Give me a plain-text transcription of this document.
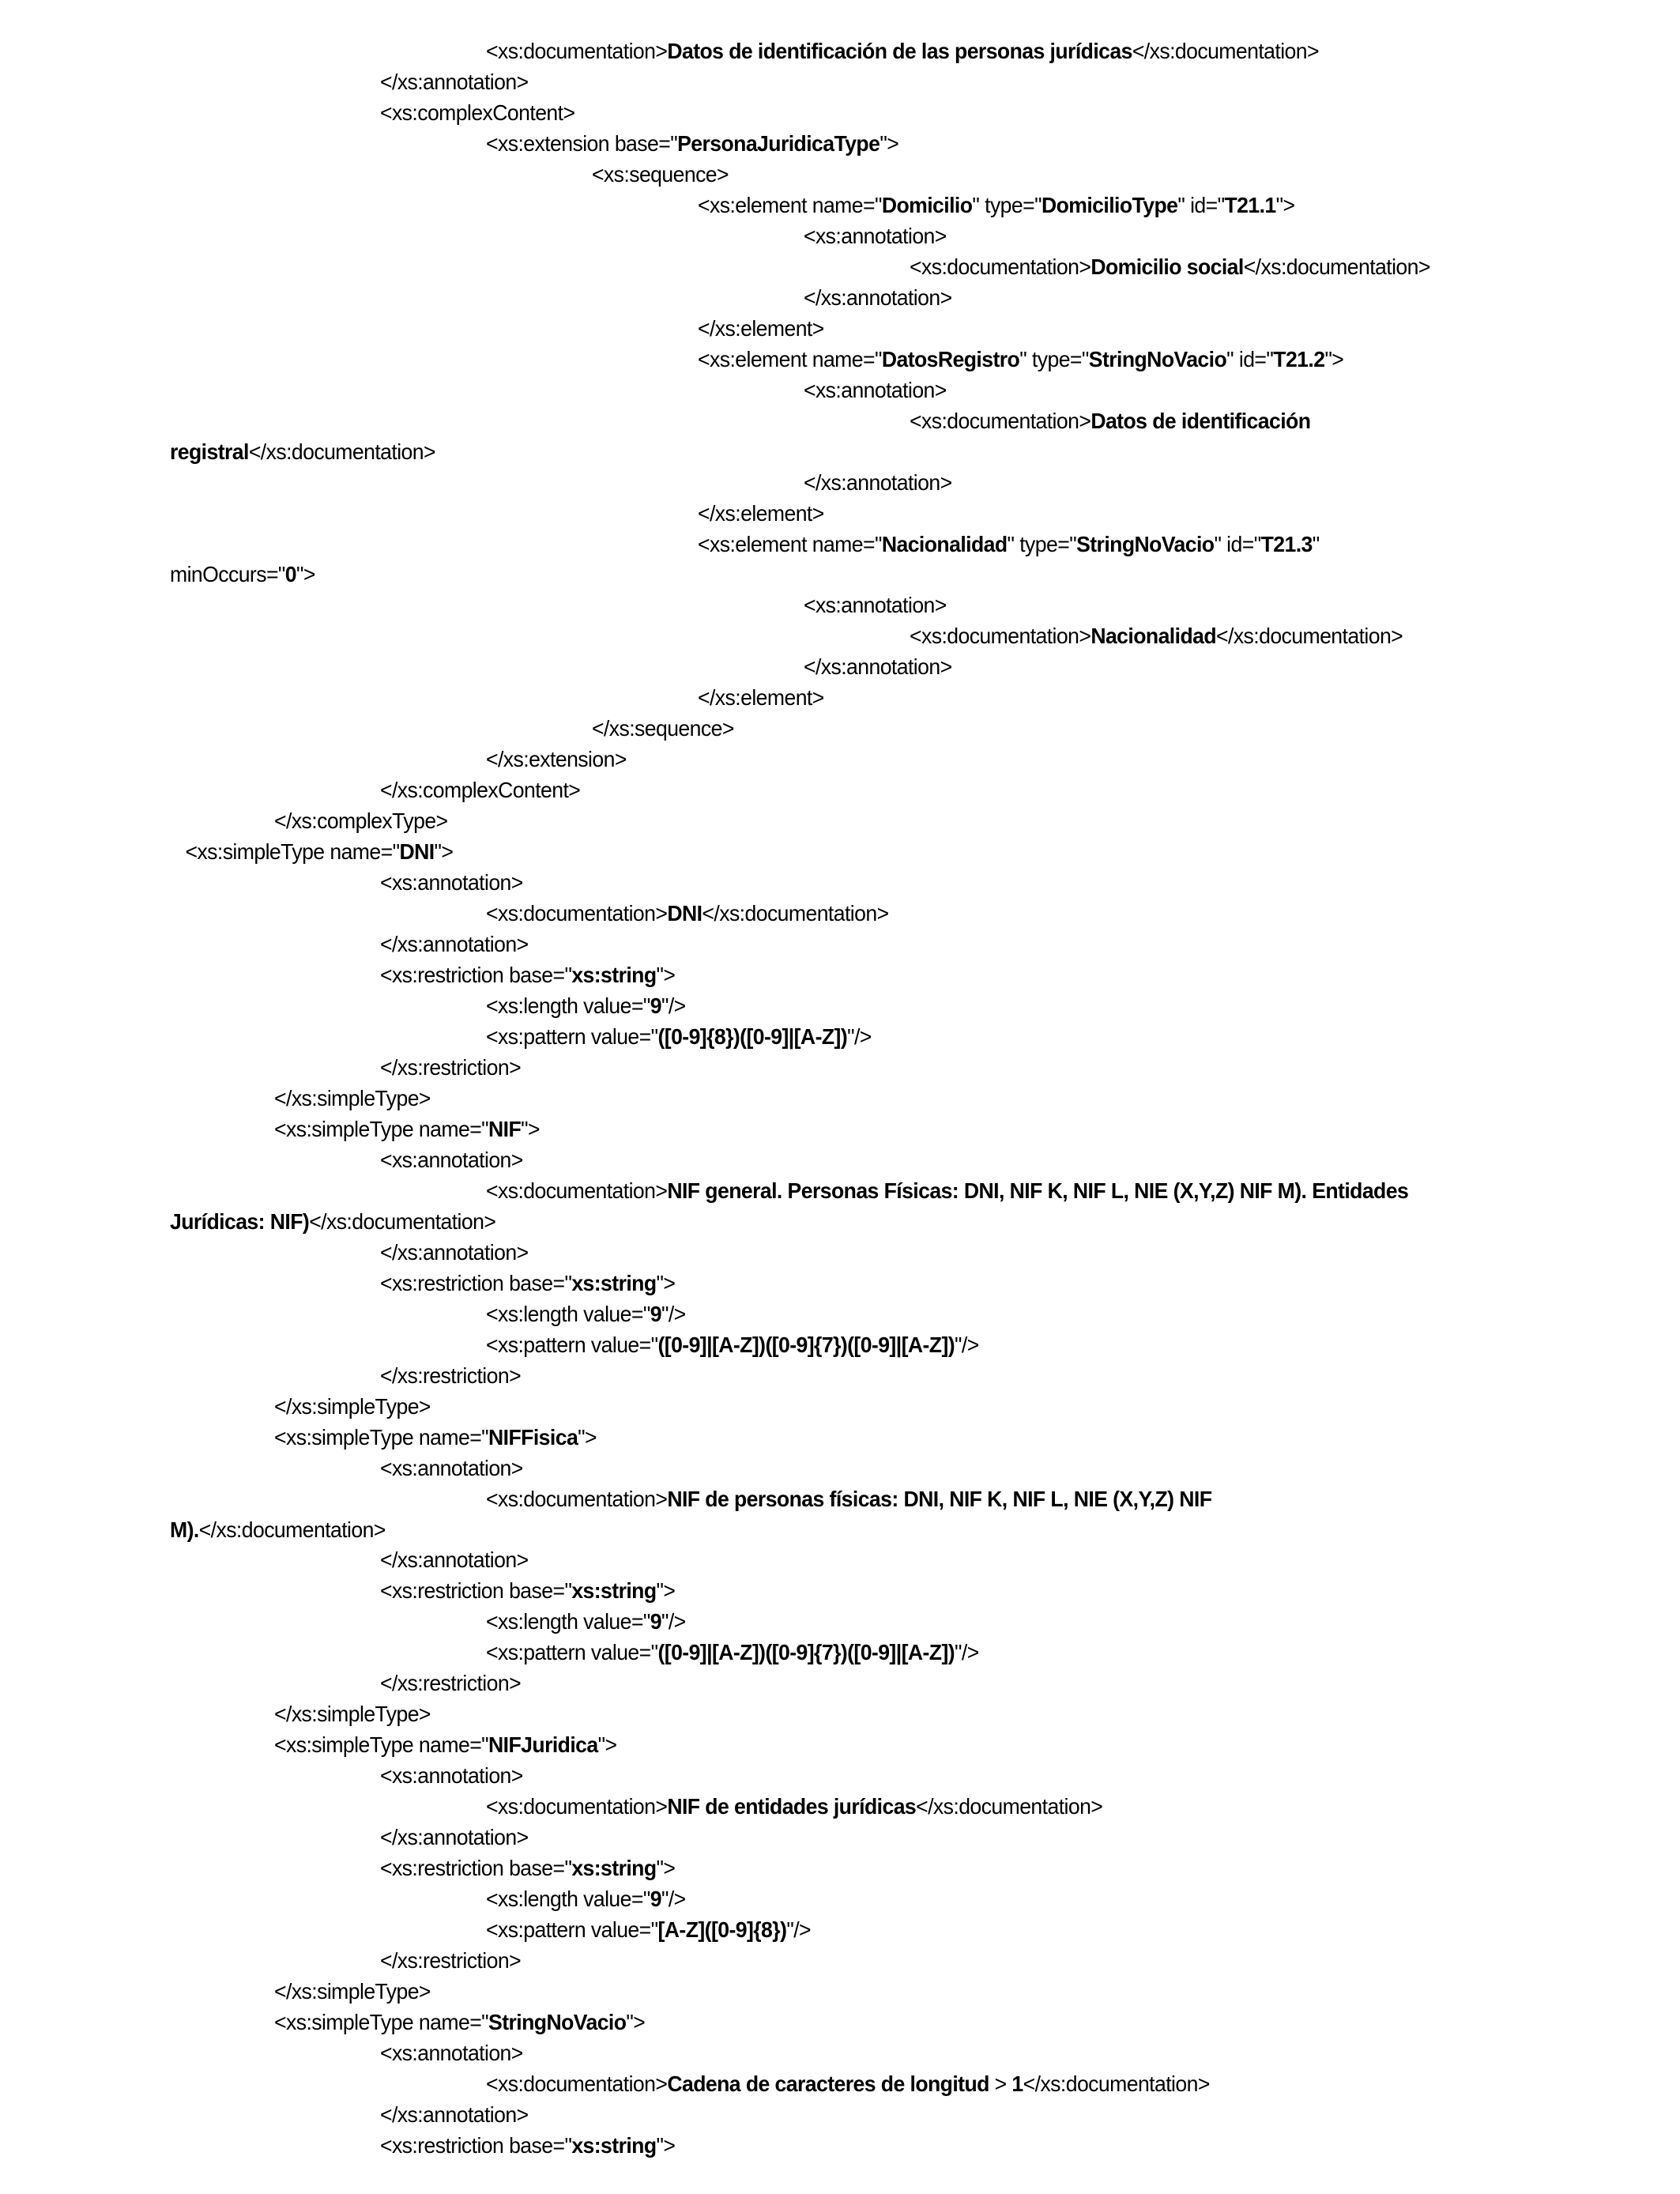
<xs:documentation>Datos de identificación de las personas jurídicas</xs:documentation>
</xs:annotation>
<xs:complexContent>
<xs:extension base="PersonaJuridicaType">
<xs:sequence>
<xs:element name="Domicilio" type="DomicilioType" id="T21.1">
<xs:annotation>
<xs:documentation>Domicilio social</xs:documentation>
</xs:annotation>
</xs:element>
<xs:element name="DatosRegistro" type="StringNoVacio" id="T21.2">
<xs:annotation>
<xs:documentation>Datos de identificación
registral</xs:documentation>
</xs:annotation>
</xs:element>
<xs:element name="Nacionalidad" type="StringNoVacio" id="T21.3"
minOccurs="0">
<xs:annotation>
<xs:documentation>Nacionalidad</xs:documentation>
</xs:annotation>
</xs:element>
</xs:sequence>
</xs:extension>
</xs:complexContent>
</xs:complexType>
<xs:simpleType name="DNI">
<xs:annotation>
<xs:documentation>DNI</xs:documentation>
</xs:annotation>
<xs:restriction base="xs:string">
<xs:length value="9"/>
<xs:pattern value="([0-9]{8})([0-9]|[A-Z])"/>
</xs:restriction>
</xs:simpleType>
<xs:simpleType name="NIF">
<xs:annotation>
<xs:documentation>NIF general. Personas Físicas: DNI, NIF K, NIF L, NIE (X,Y,Z) NIF M). Entidades
Jurídicas: NIF)</xs:documentation>
</xs:annotation>
<xs:restriction base="xs:string">
<xs:length value="9"/>
<xs:pattern value="([0-9]|[A-Z])([0-9]{7})([0-9]|[A-Z])"/>
</xs:restriction>
</xs:simpleType>
<xs:simpleType name="NIFFisica">
<xs:annotation>
<xs:documentation>NIF de personas físicas: DNI, NIF K, NIF L, NIE (X,Y,Z) NIF
M).</xs:documentation>
</xs:annotation>
<xs:restriction base="xs:string">
<xs:length value="9"/>
<xs:pattern value="([0-9]|[A-Z])([0-9]{7})([0-9]|[A-Z])"/>
</xs:restriction>
</xs:simpleType>
<xs:simpleType name="NIFJuridica">
<xs:annotation>
<xs:documentation>NIF de entidades jurídicas</xs:documentation>
</xs:annotation>
<xs:restriction base="xs:string">
<xs:length value="9"/>
<xs:pattern value="[A-Z]([0-9]{8})"/>
</xs:restriction>
</xs:simpleType>
<xs:simpleType name="StringNoVacio">
<xs:annotation>
<xs:documentation>Cadena de caracteres de longitud > 1</xs:documentation>
</xs:annotation>
<xs:restriction base="xs:string">
